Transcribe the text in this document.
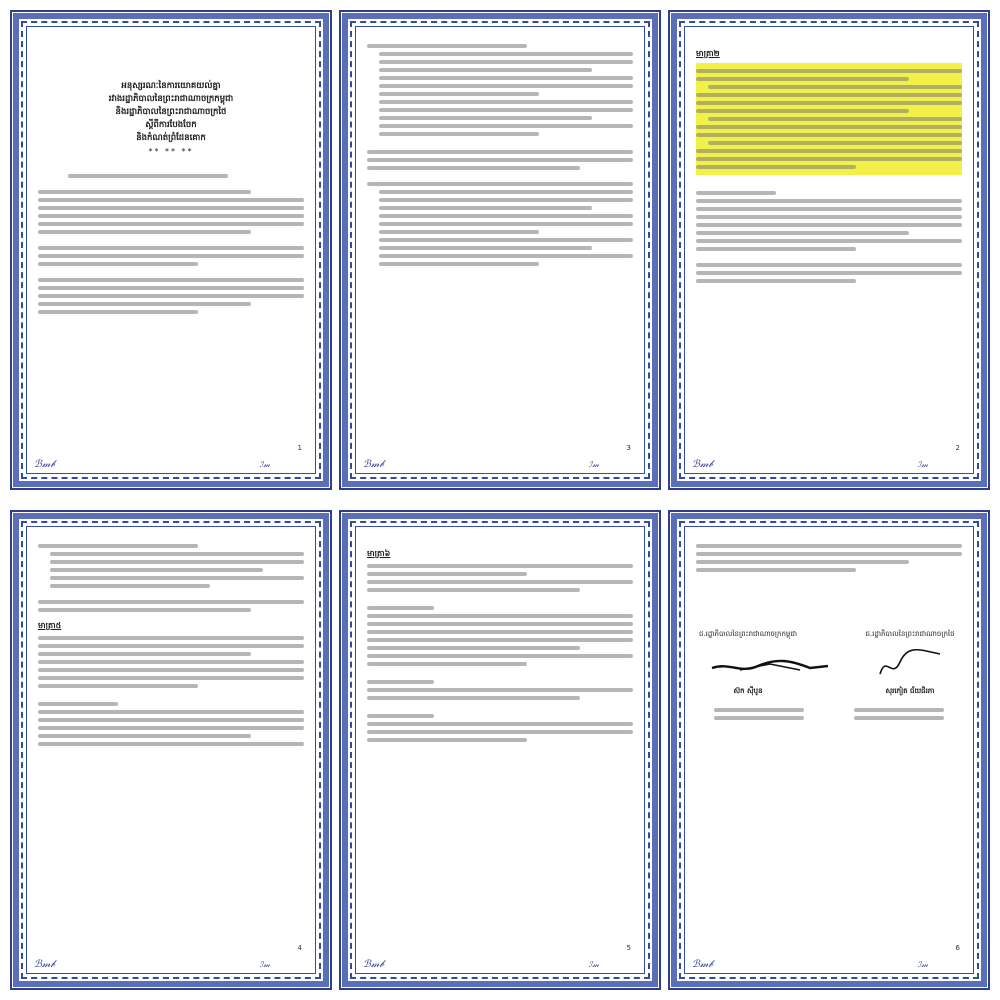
អនុស្សរណៈនៃការយោគយល់គ្នា
រវាងរដ្ឋាភិបាលនៃព្រះរាជាណាចក្រកម្ពុជា
និងរដ្ឋាភិបាលនៃព្រះរាជាណាចក្រថៃ
ស្ដីពីការបែងចែក
និងកំណត់ព្រំដែនគោក
** ** **
1
ℬ𝓂𝒷	ℐ𝓂
3
ℬ𝓂𝒷	ℐ𝓂
មាត្រា២
2
ℬ𝓂𝒷	ℐ𝓂
មាត្រា៥
4
ℬ𝓂𝒷	ℐ𝓂
មាត្រា៦
5
ℬ𝓂𝒷	ℐ𝓂
ជ.រដ្ឋាភិបាលនៃព្រះរាជាណាចក្រកម្ពុជា	ជ.រដ្ឋាភិបាលនៃព្រះរាជាណាចក្រថៃ
ស៊ក ស៊ីបូន	សុរកៀត ជ័យជិរភា
6
ℬ𝓂𝒷	ℐ𝓂
